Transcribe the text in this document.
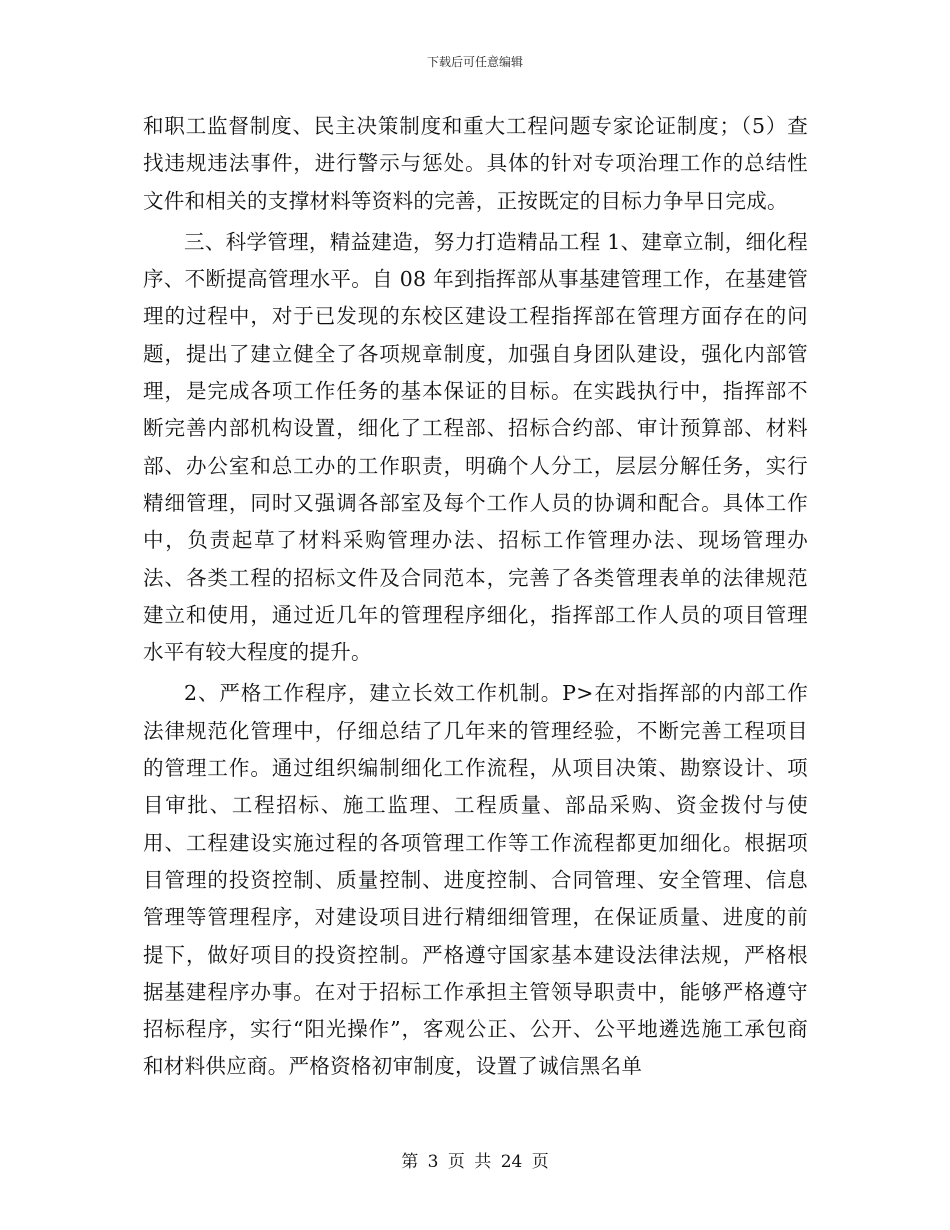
下载后可任意编辑

和职工监督制度、民主决策制度和重大工程问题专家论证制度；（5）查找违规违法事件，进行警示与惩处。具体的针对专项治理工作的总结性文件和相关的支撑材料等资料的完善，正按既定的目标力争早日完成。

三、科学管理，精益建造，努力打造精品工程 1、建章立制，细化程序、不断提高管理水平。自 08 年到指挥部从事基建管理工作，在基建管理的过程中，对于已发现的东校区建设工程指挥部在管理方面存在的问题，提出了建立健全了各项规章制度，加强自身团队建设，强化内部管理，是完成各项工作任务的基本保证的目标。在实践执行中，指挥部不断完善内部机构设置，细化了工程部、招标合约部、审计预算部、材料部、办公室和总工办的工作职责，明确个人分工，层层分解任务，实行精细管理，同时又强调各部室及每个工作人员的协调和配合。具体工作中，负责起草了材料采购管理办法、招标工作管理办法、现场管理办法、各类工程的招标文件及合同范本，完善了各类管理表单的法律规范建立和使用，通过近几年的管理程序细化，指挥部工作人员的项目管理水平有较大程度的提升。

2、严格工作程序，建立长效工作机制。P>在对指挥部的内部工作法律规范化管理中，仔细总结了几年来的管理经验，不断完善工程项目的管理工作。通过组织编制细化工作流程，从项目决策、勘察设计、项目审批、工程招标、施工监理、工程质量、部品采购、资金拨付与使用、工程建设实施过程的各项管理工作等工作流程都更加细化。根据项目管理的投资控制、质量控制、进度控制、合同管理、安全管理、信息管理等管理程序，对建设项目进行精细细管理，在保证质量、进度的前提下，做好项目的投资控制。严格遵守国家基本建设法律法规，严格根据基建程序办事。在对于招标工作承担主管领导职责中，能够严格遵守招标程序，实行“阳光操作”，客观公正、公开、公平地遴选施工承包商和材料供应商。严格资格初审制度，设置了诚信黑名单

第 3 页 共 24 页
